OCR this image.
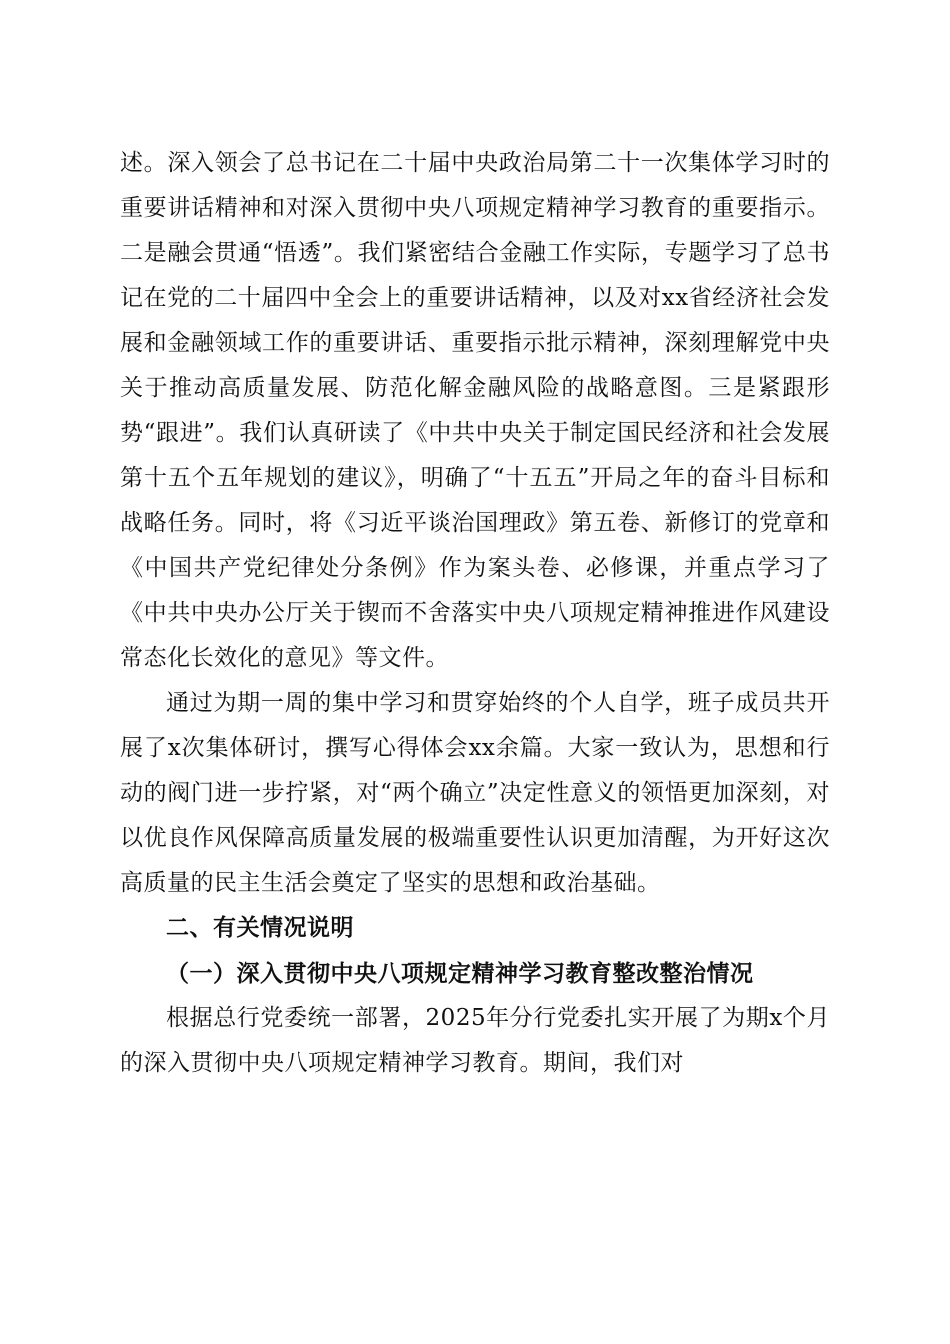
述。深入领会了总书记在二十届中央政治局第二十一次集体学习时的重要讲话精神和对深入贯彻中央八项规定精神学习教育的重要指示。二是融会贯通“悟透”。我们紧密结合金融工作实际，专题学习了总书记在党的二十届四中全会上的重要讲话精神，以及对xx省经济社会发展和金融领域工作的重要讲话、重要指示批示精神，深刻理解党中央关于推动高质量发展、防范化解金融风险的战略意图。三是紧跟形势“跟进”。我们认真研读了《中共中央关于制定国民经济和社会发展第十五个五年规划的建议》，明确了“十五五”开局之年的奋斗目标和战略任务。同时，将《习近平谈治国理政》第五卷、新修订的党章和《中国共产党纪律处分条例》作为案头卷、必修课，并重点学习了《中共中央办公厅关于锲而不舍落实中央八项规定精神推进作风建设常态化长效化的意见》等文件。

通过为期一周的集中学习和贯穿始终的个人自学，班子成员共开展了x次集体研讨，撰写心得体会xx余篇。大家一致认为，思想和行动的阀门进一步拧紧，对“两个确立”决定性意义的领悟更加深刻，对以优良作风保障高质量发展的极端重要性认识更加清醒，为开好这次高质量的民主生活会奠定了坚实的思想和政治基础。

二、有关情况说明

（一）深入贯彻中央八项规定精神学习教育整改整治情况

根据总行党委统一部署，2025年分行党委扎实开展了为期x个月的深入贯彻中央八项规定精神学习教育。期间，我们对
